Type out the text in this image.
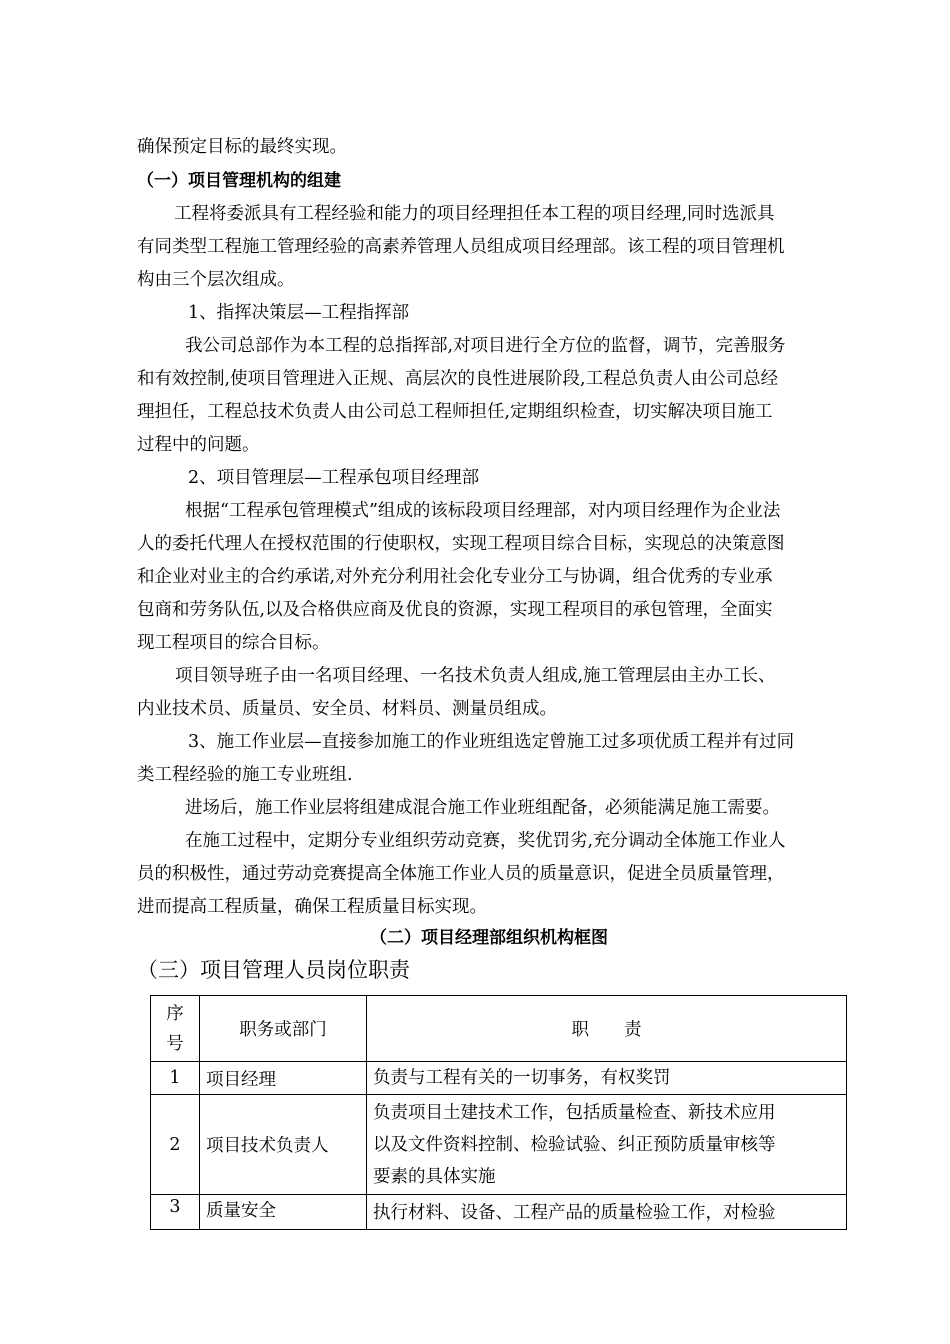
确保预定目标的最终实现。
（一）项目管理机构的组建
工程将委派具有工程经验和能力的项目经理担任本工程的项目经理,同时选派具
有同类型工程施工管理经验的高素养管理人员组成项目经理部。该工程的项目管理机
构由三个层次组成。
1、指挥决策层—工程指挥部
我公司总部作为本工程的总指挥部,对项目进行全方位的监督，调节，完善服务
和有效控制,使项目管理进入正规、高层次的良性进展阶段,工程总负责人由公司总经
理担任，工程总技术负责人由公司总工程师担任,定期组织检查，切实解决项目施工
过程中的问题。
2、项目管理层—工程承包项目经理部
根据“工程承包管理模式”组成的该标段项目经理部，对内项目经理作为企业法
人的委托代理人在授权范围的行使职权，实现工程项目综合目标，实现总的决策意图
和企业对业主的合约承诺,对外充分利用社会化专业分工与协调，组合优秀的专业承
包商和劳务队伍,以及合格供应商及优良的资源，实现工程项目的承包管理，全面实
现工程项目的综合目标。
项目领导班子由一名项目经理、一名技术负责人组成,施工管理层由主办工长、
内业技术员、质量员、安全员、材料员、测量员组成。
3、施工作业层—直接参加施工的作业班组选定曾施工过多项优质工程并有过同
类工程经验的施工专业班组.
进场后，施工作业层将组建成混合施工作业班组配备，必须能满足施工需要。
在施工过程中，定期分专业组织劳动竞赛，奖优罚劣,充分调动全体施工作业人
员的积极性，通过劳动竞赛提高全体施工作业人员的质量意识，促进全员质量管理，
进而提高工程质量，确保工程质量目标实现。
（二）项目经理部组织机构框图
（三）项目管理人员岗位职责
序
号	职务或部门	职　　责
1	项目经理	负责与工程有关的一切事务，有权奖罚
2	项目技术负责人	负责项目土建技术工作，包括质量检查、新技术应用
以及文件资料控制、检验试验、纠正预防质量审核等
要素的具体实施

3	质量安全	执行材料、设备、工程产品的质量检验工作，对检验
